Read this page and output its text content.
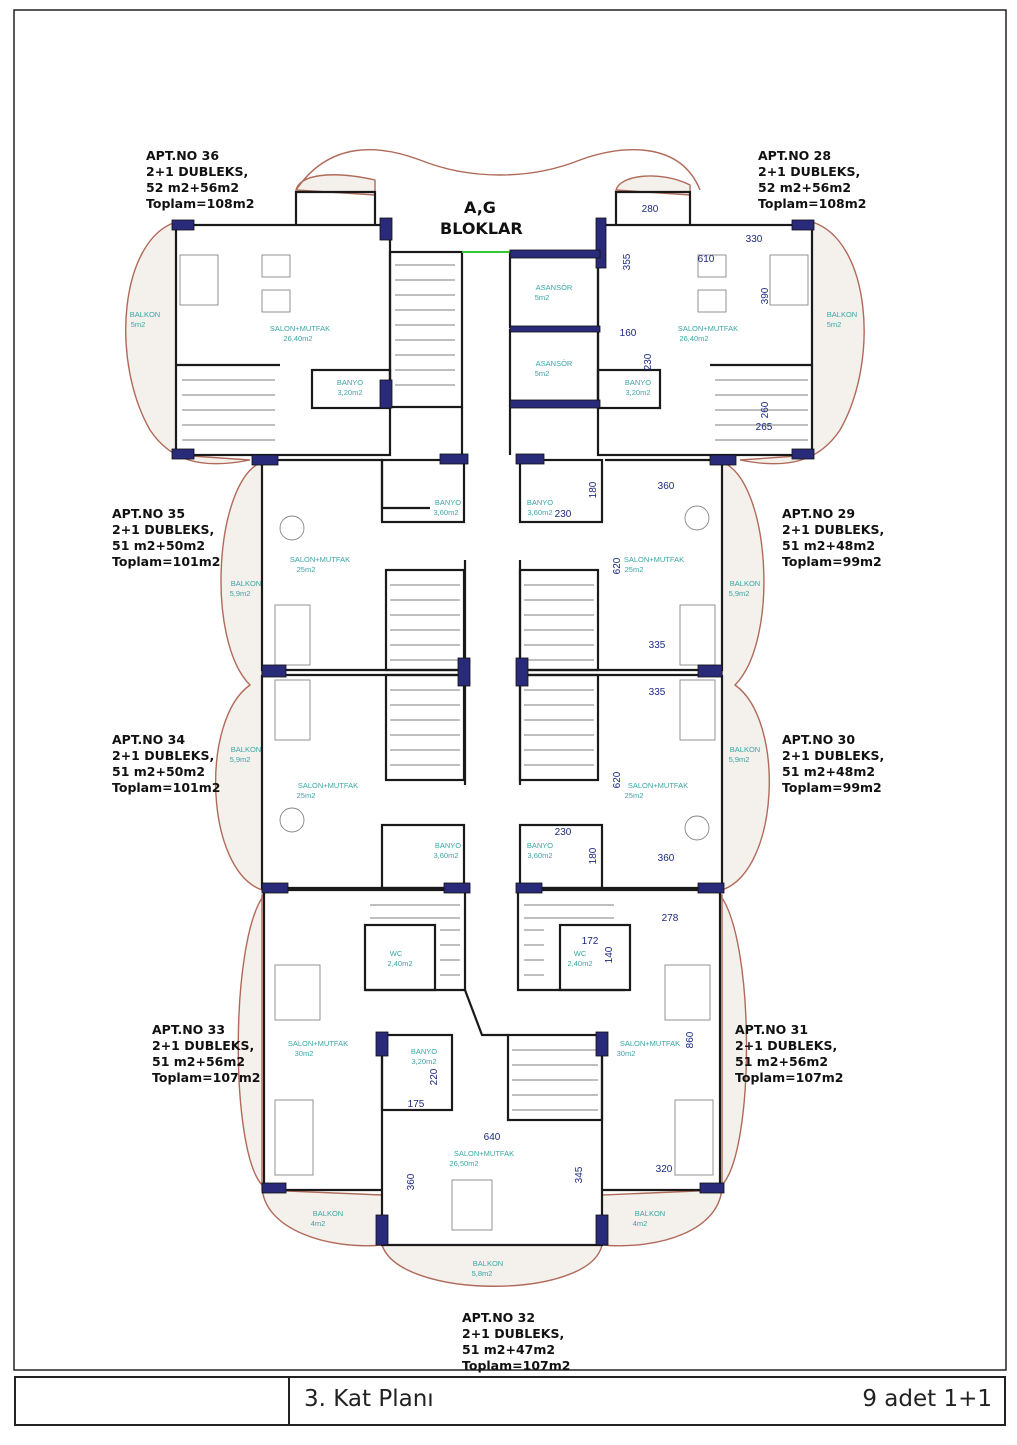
SALON+MUTFAK
26,40m2
BANYO
3,20m2
BALKON
5m2	SALON+MUTFAK
26,40m2
BANYO
3,20m2
BALKON
5m2
ASANSÖR
5m2
ASANSÖR
5m2
BANYO
3,60m2
SALON+MUTFAK
25m2
BALKON
5,9m2
BANYO
3,60m2
SALON+MUTFAK
25m2
BALKON
5,9m2
BALKON
5,9m2
SALON+MUTFAK
25m2
BANYO
3,60m2
BALKON
5,9m2
SALON+MUTFAK
25m2
BANYO
3,60m2
WC
2,40m2
WC
2,40m2
SALON+MUTFAK
30m2
SALON+MUTFAK
30m2
BANYO
3,20m2
SALON+MUTFAK
26,50m2
BALKON
4m2
BALKON
4m2
BALKON
5,8m2
280
330
355	610
390
160
230
260
265
180	360
230
620
335
335
620
230
180	360
278
172
140
860
220
175
640
360	345	320
A,G
BLOKLAR
APT.NO 36
2+1 DUBLEKS,
52 m2+56m2
Toplam=108m2
APT.NO 28
2+1 DUBLEKS,
52 m2+56m2
Toplam=108m2
APT.NO 35
2+1 DUBLEKS,
51 m2+50m2
Toplam=101m2
APT.NO 29
2+1 DUBLEKS,
51 m2+48m2
Toplam=99m2
APT.NO 34
2+1 DUBLEKS,
51 m2+50m2
Toplam=101m2
APT.NO 30
2+1 DUBLEKS,
51 m2+48m2
Toplam=99m2
APT.NO 33
2+1 DUBLEKS,
51 m2+56m2
Toplam=107m2
APT.NO 31
2+1 DUBLEKS,
51 m2+56m2
Toplam=107m2
APT.NO 32
2+1 DUBLEKS,
51 m2+47m2
Toplam=107m2
3. Kat Planı	9 adet 1+1
